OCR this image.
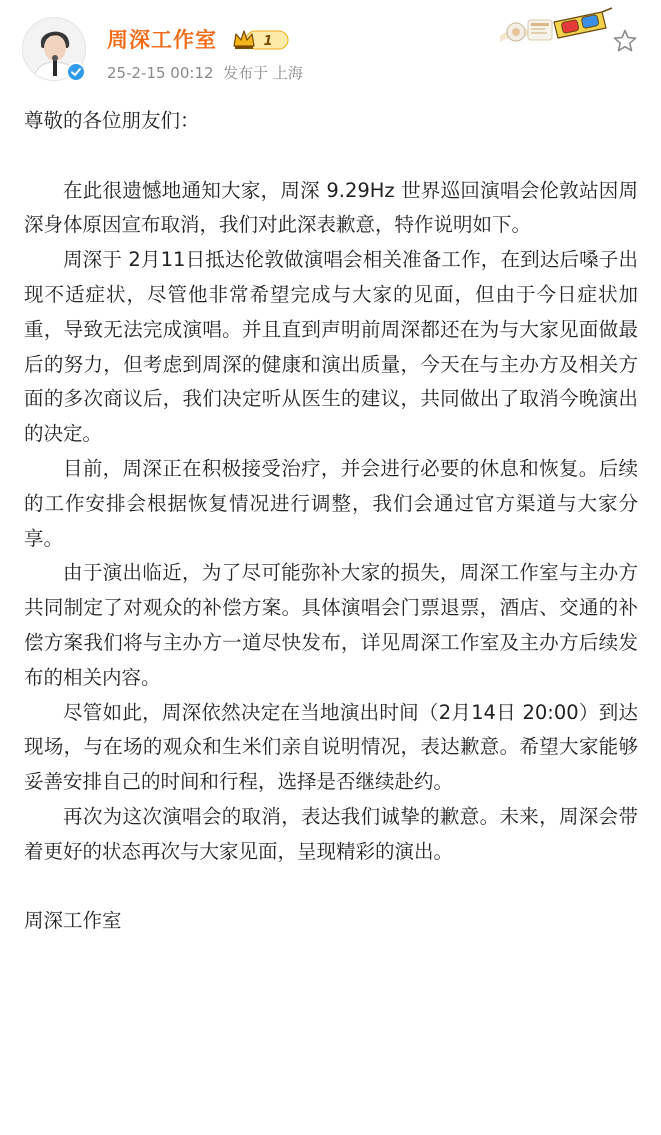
周深工作室	1
25-2-15 00:12  发布于 上海

尊敬的各位朋友们：

在此很遗憾地通知大家，周深 9.29Hz 世界巡回演唱会伦敦站因周深身体原因宣布取消，我们对此深表歉意，特作说明如下。

周深于 2月11日抵达伦敦做演唱会相关准备工作，在到达后嗓子出现不适症状，尽管他非常希望完成与大家的见面，但由于今日症状加重，导致无法完成演唱。并且直到声明前周深都还在为与大家见面做最后的努力，但考虑到周深的健康和演出质量，今天在与主办方及相关方面的多次商议后，我们决定听从医生的建议，共同做出了取消今晚演出的决定。

目前，周深正在积极接受治疗，并会进行必要的休息和恢复。后续的工作安排会根据恢复情况进行调整，我们会通过官方渠道与大家分享。

由于演出临近，为了尽可能弥补大家的损失，周深工作室与主办方共同制定了对观众的补偿方案。具体演唱会门票退票，酒店、交通的补偿方案我们将与主办方一道尽快发布，详见周深工作室及主办方后续发布的相关内容。

尽管如此，周深依然决定在当地演出时间（2月14日 20:00）到达现场，与在场的观众和生米们亲自说明情况，表达歉意。希望大家能够妥善安排自己的时间和行程，选择是否继续赴约。

再次为这次演唱会的取消，表达我们诚挚的歉意。未来，周深会带着更好的状态再次与大家见面，呈现精彩的演出。

周深工作室
